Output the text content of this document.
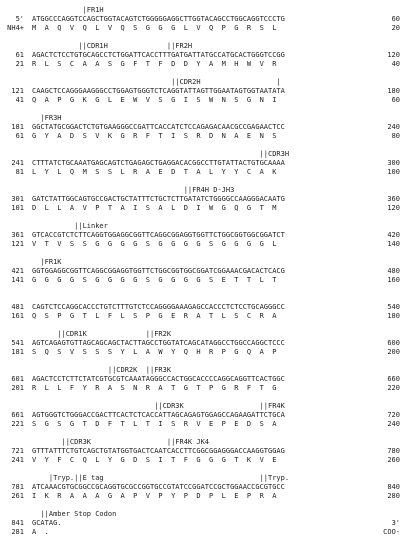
|FR1H
5' ATGGCCCAGGTCCAGCTGGTACAGTCTGGGGGAGGCTTGGTACAGCCTGGCAGGTCCCTG	60
NH4+ M  A  Q  V  Q  L  V  Q  S  G  G  G  L  V  Q  P  G  R  S  L	20
||CDR1H              ||FR2H
61 AGACTCTCCTGTGCAGCCTCTGGATTCACCTTTGATGATTATGCCATGCACTGGGTCCGG	120
21 R  L  S  C  A  A  S  G  F  T  F  D  D  Y  A  M  H  W  V  R	40
||CDR2H                  |
121 CAAGCTCCAGGGAAGGGCCTGGAGTGGGTCTCAGGTATTAGTTGGAATAGTGGTAATATA	180
41 Q  A  P  G  K  G  L  E  W  V  S  G  I  S  W  N  S  G  N  I	60
|FR3H
181 GGCTATGCGGACTCTGTGAAGGGCCGATTCACCATCTCCAGAGACAACGCCGAGAACTCC	240
61 G  Y  A  D  S  V  K  G  R  F  T  I  S  R  D  N  A  E  N  S	80
||CDR3H
241 CTTTATCTGCAAATGAGCAGTCTGAGAGCTGAGGACACGGCCTTGTATTACTGTGCAAAA	300
81 L  Y  L  Q  M  S  S  L  R  A  E  D  T  A  L  Y  Y  C  A  K	100
||FR4H D-JH3
301 GATCTATTGGCAGTGCCGACTGCTATTTCTGCTCTTGATATCTGGGGCCAAGGGACAATG	360
101 D  L  L  A  V  P  T  A  I  S  A  L  D  I  W  G  Q  G  T  M	120
||Linker
361 GTCACCGTCTCTTCAGGTGGAGGCGGTTCAGGCGGAGGTGGTTCTGGCGGTGGCGGATCT	420
121 V  T  V  S  S  G  G  G  G  S  G  G  G  G  S  G  G  G  G  L	140
|FR1K
421 GGTGGAGGCGGTTCAGGCGGAGGTGGTTCTGGCGGTGGCGGATCGGAAACGACACTCACG	480
141 G  G  G  G  S  G  G  G  G  S  G  G  G  G  S  E  T  T  L  T	160
481 CAGTCTCCAGGCACCCTGTCTTTGTCTCCAGGGGAAAGAGCCACCCTCTCCTGCAGGGCC	540
161 Q  S  P  G  T  L  F  L  S  P  G  E  R  A  T  L  S  C  R  A	180
||CDR1K              ||FR2K
541 AGTCAGAGTGTTAGCAGCAGCTACTTAGCCTGGTATCAGCATAGGCCTGGCCAGGCTCCC	600
181 S  Q  S  V  S  S  S  Y  L  A  W  Y  Q  H  R  P  G  Q  A  P	200
||CDR2K  ||FR3K
601 AGACTCCTCTTCTATCGTGCGTCAAATAGGGCCACTGGCACCCCAGGCAGGTTCACTGGC	660
201 R  L  L  F  Y  R  A  S  N  R  A  T  G  T  P  G  R  F  T  G	220
||CDR3K                  ||FR4K
661 AGTGGGTCTGGGACCGACTTCACTCTCACCATTAGCAGAGTGGAGCCAGAAGATTCTGCA	720
221 S  G  S  G  T  D  F  T  L  T  I  S  R  V  E  P  E  D  S  A	240
||CDR3K                  ||FR4K JK4
721 GTTTATTTCTGTCAGCTGTATGGTGACTCAATCACCTTCGGCGGAGGGACCAAGGTGGAG	780
241 V  Y  F  C  Q  L  Y  G  D  S  I  T  F  G  G  G  T  K  V  E	260
|Tryp.||E tag                                     ||Tryp.
781 ATCAAACGTGCGGCCGCAGGTGCGCCGGTGCCGTATCCGGATCCGCTGGAACCGCGTGCC	840
261 I  K  R  A  A  A  G  A  P  V  P  Y  P  D  P  L  E  P  R  A	280
||Amber Stop Codon
841 GCATAG.	3'
281 A  .	COO-
